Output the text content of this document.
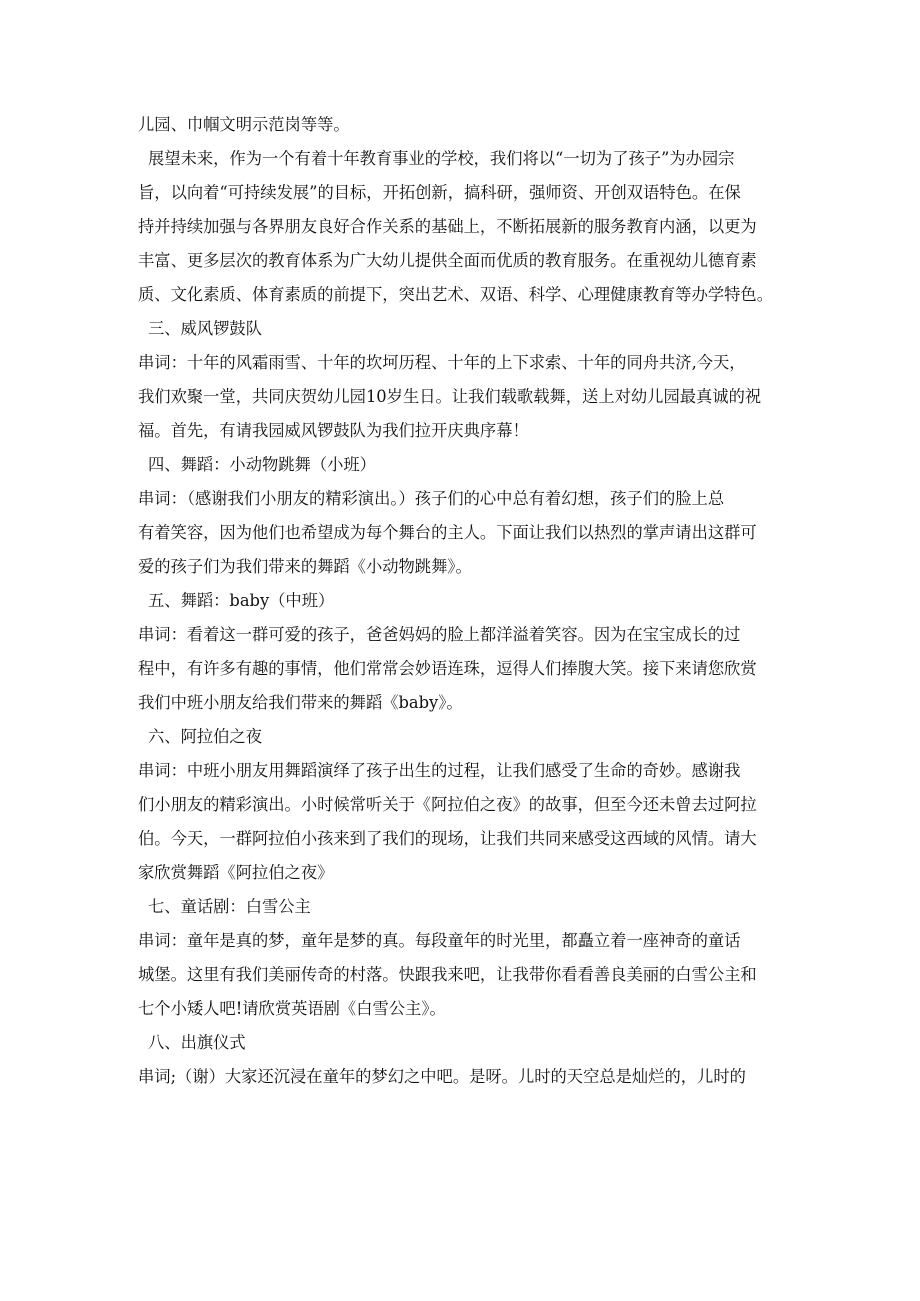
儿园、巾帼文明示范岗等等。
展望未来，作为一个有着十年教育事业的学校，我们将以“一切为了孩子”为办园宗
旨，以向着“可持续发展”的目标，开拓创新，搞科研，强师资、开创双语特色。在保
持并持续加强与各界朋友良好合作关系的基础上，不断拓展新的服务教育内涵，以更为
丰富、更多层次的教育体系为广大幼儿提供全面而优质的教育服务。在重视幼儿德育素
质、文化素质、体育素质的前提下，突出艺术、双语、科学、心理健康教育等办学特色。
三、威风锣鼓队
串词：十年的风霜雨雪、十年的坎坷历程、十年的上下求索、十年的同舟共济,今天，
我们欢聚一堂，共同庆贺幼儿园10岁生日。让我们载歌载舞，送上对幼儿园最真诚的祝
福。首先，有请我园威风锣鼓队为我们拉开庆典序幕！
四、舞蹈：小动物跳舞（小班）
串词：（感谢我们小朋友的精彩演出。）孩子们的心中总有着幻想，孩子们的脸上总
有着笑容，因为他们也希望成为每个舞台的主人。下面让我们以热烈的掌声请出这群可
爱的孩子们为我们带来的舞蹈《小动物跳舞》。
五、舞蹈：baby（中班）
串词：看着这一群可爱的孩子，爸爸妈妈的脸上都洋溢着笑容。因为在宝宝成长的过
程中，有许多有趣的事情，他们常常会妙语连珠，逗得人们捧腹大笑。接下来请您欣赏
我们中班小朋友给我们带来的舞蹈《baby》。
六、阿拉伯之夜
串词：中班小朋友用舞蹈演绎了孩子出生的过程，让我们感受了生命的奇妙。感谢我
们小朋友的精彩演出。小时候常听关于《阿拉伯之夜》的故事，但至今还未曾去过阿拉
伯。今天，一群阿拉伯小孩来到了我们的现场，让我们共同来感受这西域的风情。请大
家欣赏舞蹈《阿拉伯之夜》
七、童话剧：白雪公主
串词：童年是真的梦，童年是梦的真。每段童年的时光里，都矗立着一座神奇的童话
城堡。这里有我们美丽传奇的村落。快跟我来吧，让我带你看看善良美丽的白雪公主和
七个小矮人吧!请欣赏英语剧《白雪公主》。
八、出旗仪式
串词;（谢）大家还沉浸在童年的梦幻之中吧。是呀。儿时的天空总是灿烂的，儿时的
